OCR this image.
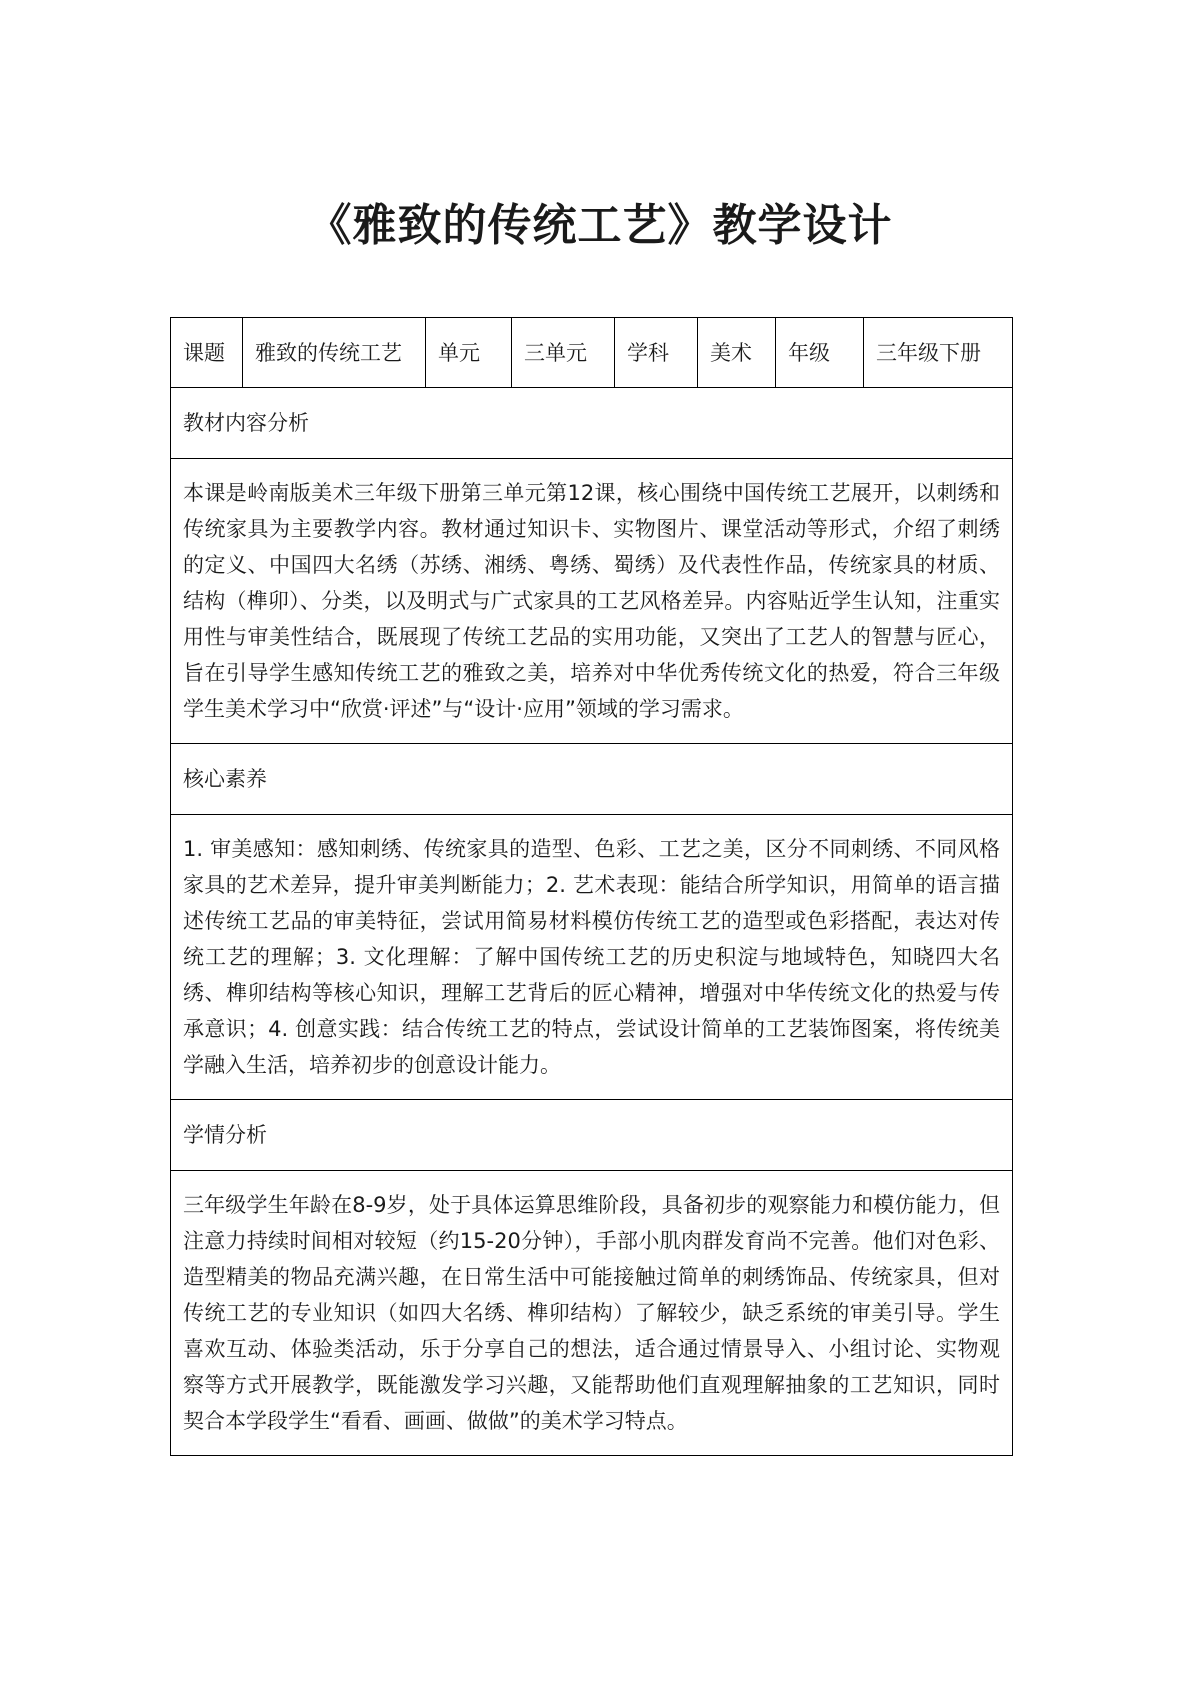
《雅致的传统工艺》教学设计
课题	雅致的传统工艺	单元	三单元	学科	美术	年级	三年级下册
教材内容分析

本课是岭南版美术三年级下册第三单元第12课，核心围绕中国传统工艺展开，以刺绣和传统家具为主要教学内容。教材通过知识卡、实物图片、课堂活动等形式，介绍了刺绣的定义、中国四大名绣（苏绣、湘绣、粤绣、蜀绣）及代表性作品，传统家具的材质、结构（榫卯）、分类，以及明式与广式家具的工艺风格差异。内容贴近学生认知，注重实用性与审美性结合，既展现了传统工艺品的实用功能，又突出了工艺人的智慧与匠心，旨在引导学生感知传统工艺的雅致之美，培养对中华优秀传统文化的热爱，符合三年级学生美术学习中“欣赏·评述”与“设计·应用”领域的学习需求。

核心素养

1. 审美感知：感知刺绣、传统家具的造型、色彩、工艺之美，区分不同刺绣、不同风格家具的艺术差异，提升审美判断能力；2. 艺术表现：能结合所学知识，用简单的语言描述传统工艺品的审美特征，尝试用简易材料模仿传统工艺的造型或色彩搭配，表达对传统工艺的理解；3. 文化理解：了解中国传统工艺的历史积淀与地域特色，知晓四大名绣、榫卯结构等核心知识，理解工艺背后的匠心精神，增强对中华传统文化的热爱与传承意识；4. 创意实践：结合传统工艺的特点，尝试设计简单的工艺装饰图案，将传统美学融入生活，培养初步的创意设计能力。

学情分析

三年级学生年龄在8-9岁，处于具体运算思维阶段，具备初步的观察能力和模仿能力，但注意力持续时间相对较短（约15-20分钟），手部小肌肉群发育尚不完善。他们对色彩、造型精美的物品充满兴趣，在日常生活中可能接触过简单的刺绣饰品、传统家具，但对传统工艺的专业知识（如四大名绣、榫卯结构）了解较少，缺乏系统的审美引导。学生喜欢互动、体验类活动，乐于分享自己的想法，适合通过情景导入、小组讨论、实物观察等方式开展教学，既能激发学习兴趣，又能帮助他们直观理解抽象的工艺知识，同时契合本学段学生“看看、画画、做做”的美术学习特点。
